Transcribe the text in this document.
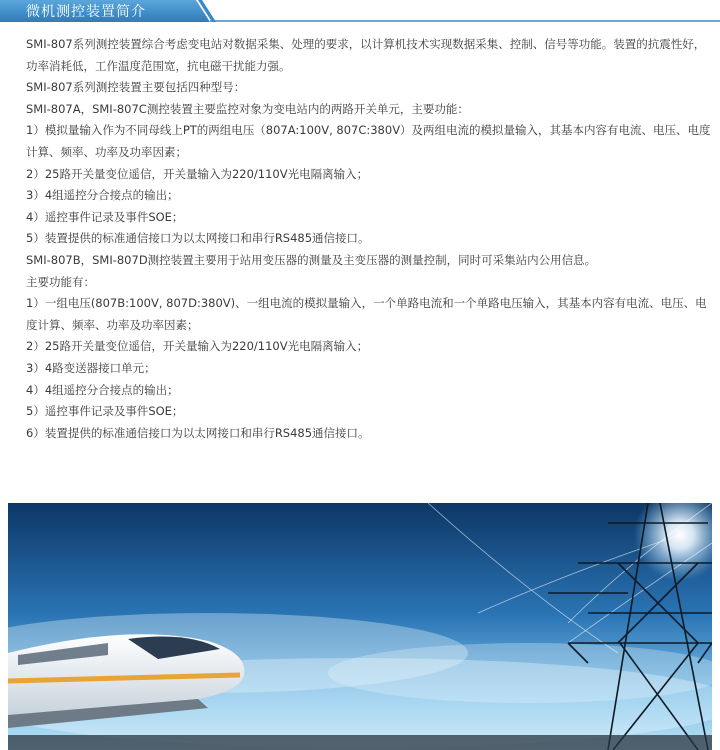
微机测控装置简介

SMI-807系列测控装置综合考虑变电站对数据采集、处理的要求，以计算机技术实现数据采集、控制、信号等功能。装置的抗震性好，功率消耗低，工作温度范围宽，抗电磁干扰能力强。

SMI-807系列测控装置主要包括四种型号：

SMI-807A，SMI-807C测控装置主要监控对象为变电站内的两路开关单元，主要功能：

1）模拟量输入作为不同母线上PT的两组电压（807A:100V, 807C:380V）及两组电流的模拟量输入，其基本内容有电流、电压、电度计算、频率、功率及功率因素；

2）25路开关量变位遥信，开关量输入为220/110V光电隔离输入；

3）4组遥控分合接点的输出；

4）遥控事件记录及事件SOE；

5）装置提供的标准通信接口为以太网接口和串行RS485通信接口。

SMI-807B，SMI-807D测控装置主要用于站用变压器的测量及主变压器的测量控制，同时可采集站内公用信息。

主要功能有：

1）一组电压(807B:100V, 807D:380V)、一组电流的模拟量输入，一个单路电流和一个单路电压输入，其基本内容有电流、电压、电度计算、频率、功率及功率因素；

2）25路开关量变位遥信，开关量输入为220/110V光电隔离输入；

3）4路变送器接口单元；

4）4组遥控分合接点的输出；

5）遥控事件记录及事件SOE；

6）装置提供的标准通信接口为以太网接口和串行RS485通信接口。
